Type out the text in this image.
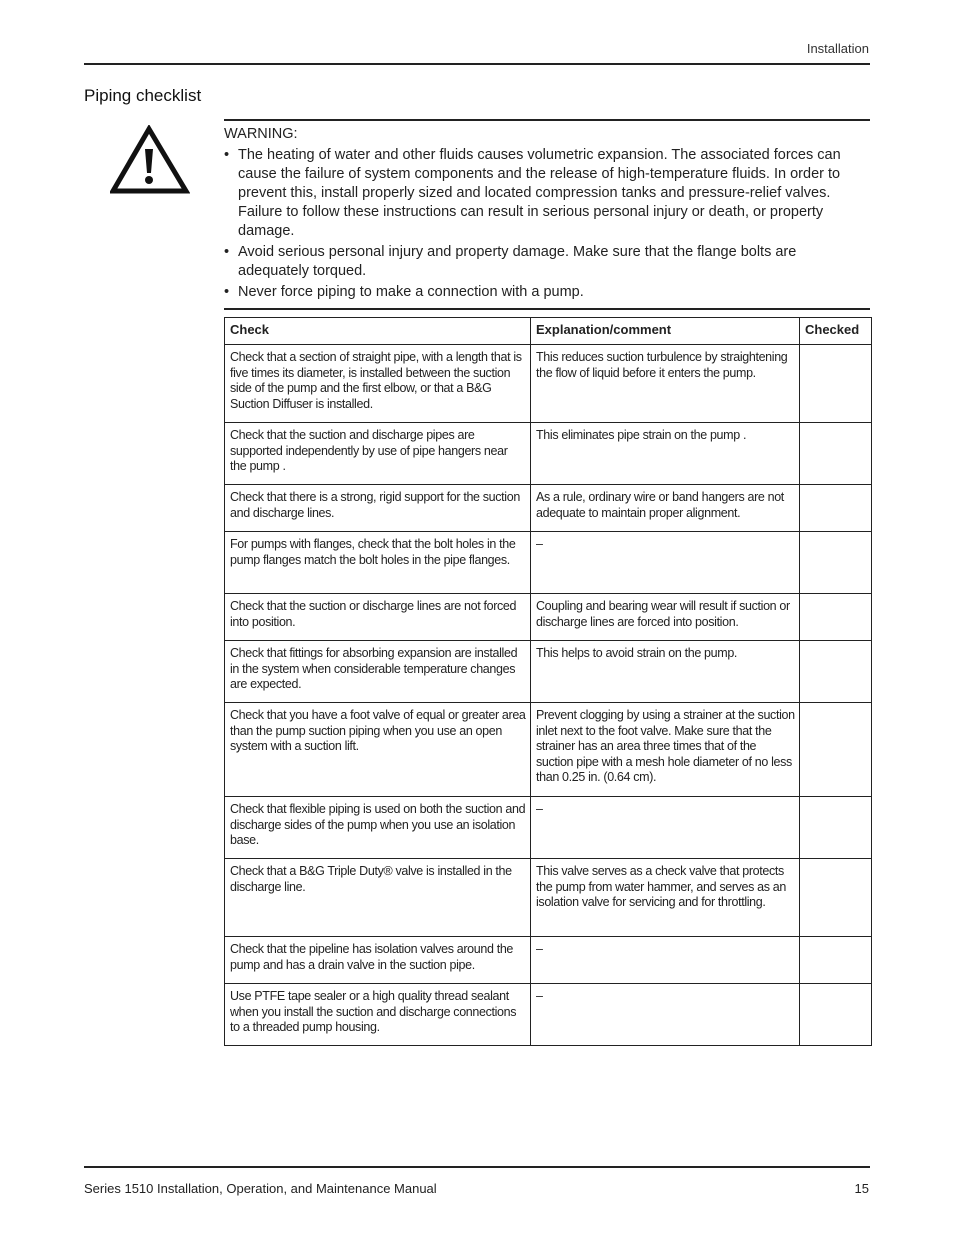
Installation
Piping checklist

WARNING:

• The heating of water and other fluids causes volumetric expansion. The associated forces can cause the failure of system components and the release of high-temperature fluids. In order to prevent this, install properly sized and located compression tanks and pressure-relief valves. Failure to follow these instructions can result in serious personal injury or death, or property damage.
• Avoid serious personal injury and property damage. Make sure that the flange bolts are adequately torqued.
• Never force piping to make a connection with a pump.
Check	Explanation/comment	Checked

Check that a section of straight pipe, with a length that is five times its diameter, is installed between the suction side of the pump and the first elbow, or that a B&G Suction Diffuser is installed.	This reduces suction turbulence by straightening the flow of liquid before it enters the pump.	

Check that the suction and discharge pipes are supported independently by use of pipe hangers near the pump .	This eliminates pipe strain on the pump .	

Check that there is a strong, rigid support for the suction and discharge lines.	As a rule, ordinary wire or band hangers are not adequate to maintain proper alignment.	

For pumps with flanges, check that the bolt holes in the pump flanges match the bolt holes in the pipe flanges.	–	

Check that the suction or discharge lines are not forced into position.	Coupling and bearing wear will result if suction or discharge lines are forced into position.	

Check that fittings for absorbing expansion are installed in the system when considerable temperature changes are expected.	This helps to avoid strain on the pump.	

Check that you have a foot valve of equal or greater area than the pump suction piping when you use an open system with a suction lift.	Prevent clogging by using a strainer at the suction inlet next to the foot valve. Make sure that the strainer has an area three times that of the suction pipe with a mesh hole diameter of no less than 0.25 in. (0.64 cm).	

Check that flexible piping is used on both the suction and discharge sides of the pump when you use an isolation base.	–	

Check that a B&G Triple Duty® valve is installed in the discharge line.	This valve serves as a check valve that protects the pump from water hammer, and serves as an isolation valve for servicing and for throttling.	

Check that the pipeline has isolation valves around the pump and has a drain valve in the suction pipe.	–	

Use PTFE tape sealer or a high quality thread sealant when you install the suction and discharge connections to a threaded pump housing.	–	

Series 1510 Installation, Operation, and Maintenance Manual	15
